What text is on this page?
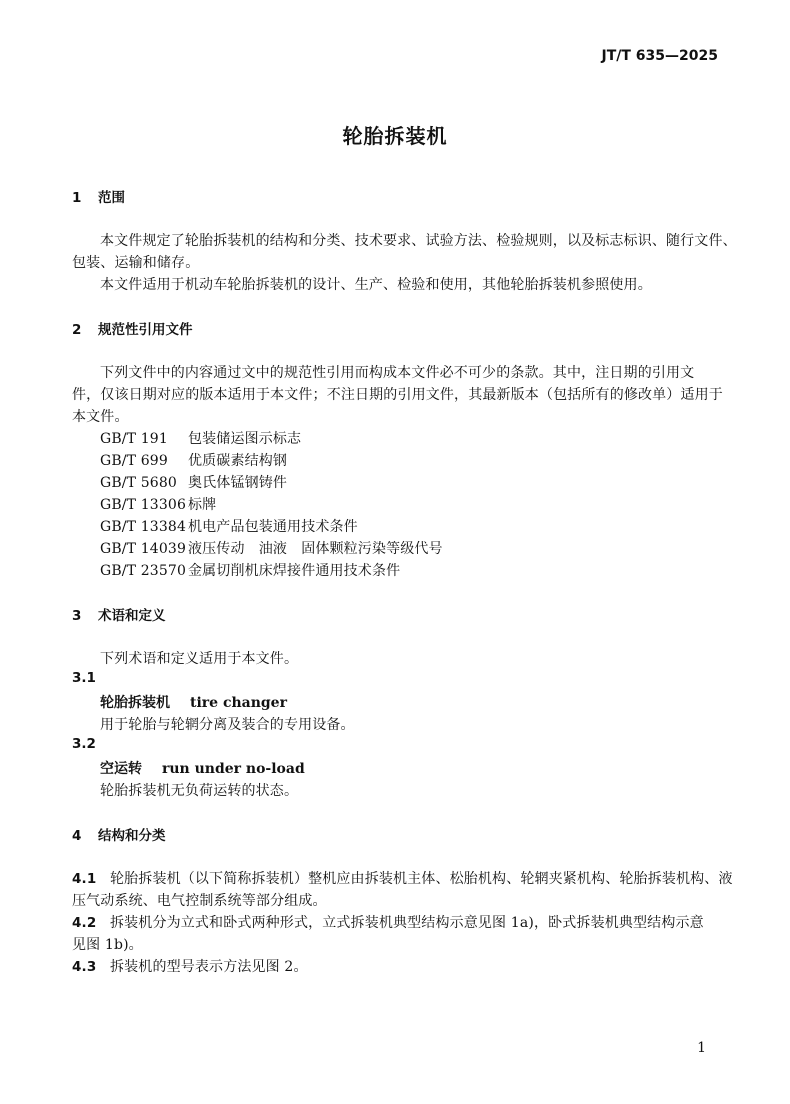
JT/T 635—2025
轮胎拆装机
1 范围
本文件规定了轮胎拆装机的结构和分类、技术要求、试验方法、检验规则，以及标志标识、随行文件、
包装、运输和储存。
本文件适用于机动车轮胎拆装机的设计、生产、检验和使用，其他轮胎拆装机参照使用。
2 规范性引用文件
下列文件中的内容通过文中的规范性引用而构成本文件必不可少的条款。其中，注日期的引用文
件，仅该日期对应的版本适用于本文件；不注日期的引用文件，其最新版本（包括所有的修改单）适用于
本文件。
GB/T 191 包装储运图示标志
GB/T 699 优质碳素结构钢
GB/T 5680 奥氏体锰钢铸件
GB/T 13306 标牌
GB/T 13384 机电产品包装通用技术条件
GB/T 14039 液压传动　油液　固体颗粒污染等级代号
GB/T 23570 金属切削机床焊接件通用技术条件
3 术语和定义
下列术语和定义适用于本文件。
3.1
轮胎拆装机 tire changer
用于轮胎与轮辋分离及装合的专用设备。
3.2
空运转 run under no-load
轮胎拆装机无负荷运转的状态。
4 结构和分类
4.1 轮胎拆装机（以下简称拆装机）整机应由拆装机主体、松胎机构、轮辋夹紧机构、轮胎拆装机构、液
压气动系统、电气控制系统等部分组成。
4.2 拆装机分为立式和卧式两种形式，立式拆装机典型结构示意见图 1a)，卧式拆装机典型结构示意
见图 1b)。
4.3 拆装机的型号表示方法见图 2。
1
